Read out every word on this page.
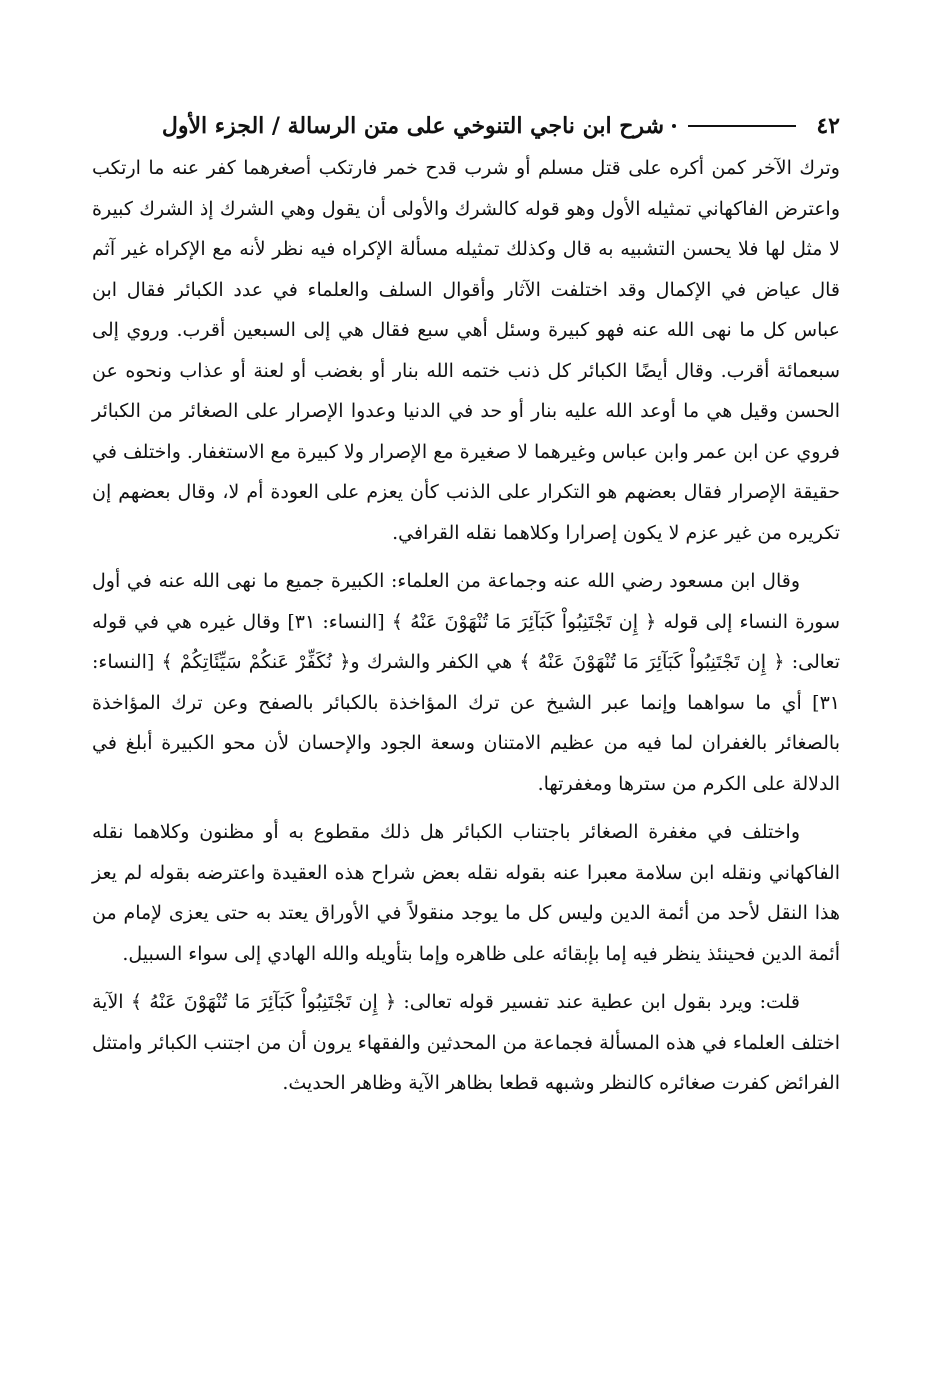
٤٢
شرح ابن ناجي التنوخي على متن الرسالة / الجزء الأول

وترك الآخر كمن أكره على قتل مسلم أو شرب قدح خمر فارتكب أصغرهما كفر عنه ما ارتكب واعترض الفاكهاني تمثيله الأول وهو قوله كالشرك والأولى أن يقول وهي الشرك إذ الشرك كبيرة لا مثل لها فلا يحسن التشبيه به قال وكذلك تمثيله مسألة الإكراه فيه نظر لأنه مع الإكراه غير آثم قال عياض في الإكمال وقد اختلفت الآثار وأقوال السلف والعلماء في عدد الكبائر فقال ابن عباس كل ما نهى الله عنه فهو كبيرة وسئل أهي سبع فقال هي إلى السبعين أقرب. وروي إلى سبعمائة أقرب. وقال أيضًا الكبائر كل ذنب ختمه الله بنار أو بغضب أو لعنة أو عذاب ونحوه عن الحسن وقيل هي ما أوعد الله عليه بنار أو حد في الدنيا وعدوا الإصرار على الصغائر من الكبائر فروي عن ابن عمر وابن عباس وغيرهما لا صغيرة مع الإصرار ولا كبيرة مع الاستغفار. واختلف في حقيقة الإصرار فقال بعضهم هو التكرار على الذنب كأن يعزم على العودة أم لا، وقال بعضهم إن تكريره من غير عزم لا يكون إصرارا وكلاهما نقله القرافي.

وقال ابن مسعود رضي الله عنه وجماعة من العلماء: الكبيرة جميع ما نهى الله عنه في أول سورة النساء إلى قوله ﴿ إِن تَجْتَنِبُواْ كَبَآئِرَ مَا تُنْهَوْنَ عَنْهُ ﴾ [النساء: ٣١] وقال غيره هي في قوله تعالى: ﴿ إِن تَجْتَنِبُواْ كَبَآئِرَ مَا تُنْهَوْنَ عَنْهُ ﴾ هي الكفر والشرك و﴿ نُكَفِّرْ عَنكُمْ سَيِّئَاتِكُمْ ﴾ [النساء: ٣١] أي ما سواهما وإنما عبر الشيخ عن ترك المؤاخذة بالكبائر بالصفح وعن ترك المؤاخذة بالصغائر بالغفران لما فيه من عظيم الامتنان وسعة الجود والإحسان لأن محو الكبيرة أبلغ في الدلالة على الكرم من سترها ومغفرتها.

واختلف في مغفرة الصغائر باجتناب الكبائر هل ذلك مقطوع به أو مظنون وكلاهما نقله الفاكهاني ونقله ابن سلامة معبرا عنه بقوله نقله بعض شراح هذه العقيدة واعترضه بقوله لم يعز هذا النقل لأحد من أئمة الدين وليس كل ما يوجد منقولاً في الأوراق يعتد به حتى يعزى لإمام من أئمة الدين فحينئذ ينظر فيه إما بإبقائه على ظاهره وإما بتأويله والله الهادي إلى سواء السبيل.

قلت: ويرد بقول ابن عطية عند تفسير قوله تعالى: ﴿ إِن تَجْتَنِبُواْ كَبَآئِرَ مَا تُنْهَوْنَ عَنْهُ ﴾ الآية اختلف العلماء في هذه المسألة فجماعة من المحدثين والفقهاء يرون أن من اجتنب الكبائر وامتثل الفرائض كفرت صغائره كالنظر وشبهه قطعا بظاهر الآية وظاهر الحديث.
